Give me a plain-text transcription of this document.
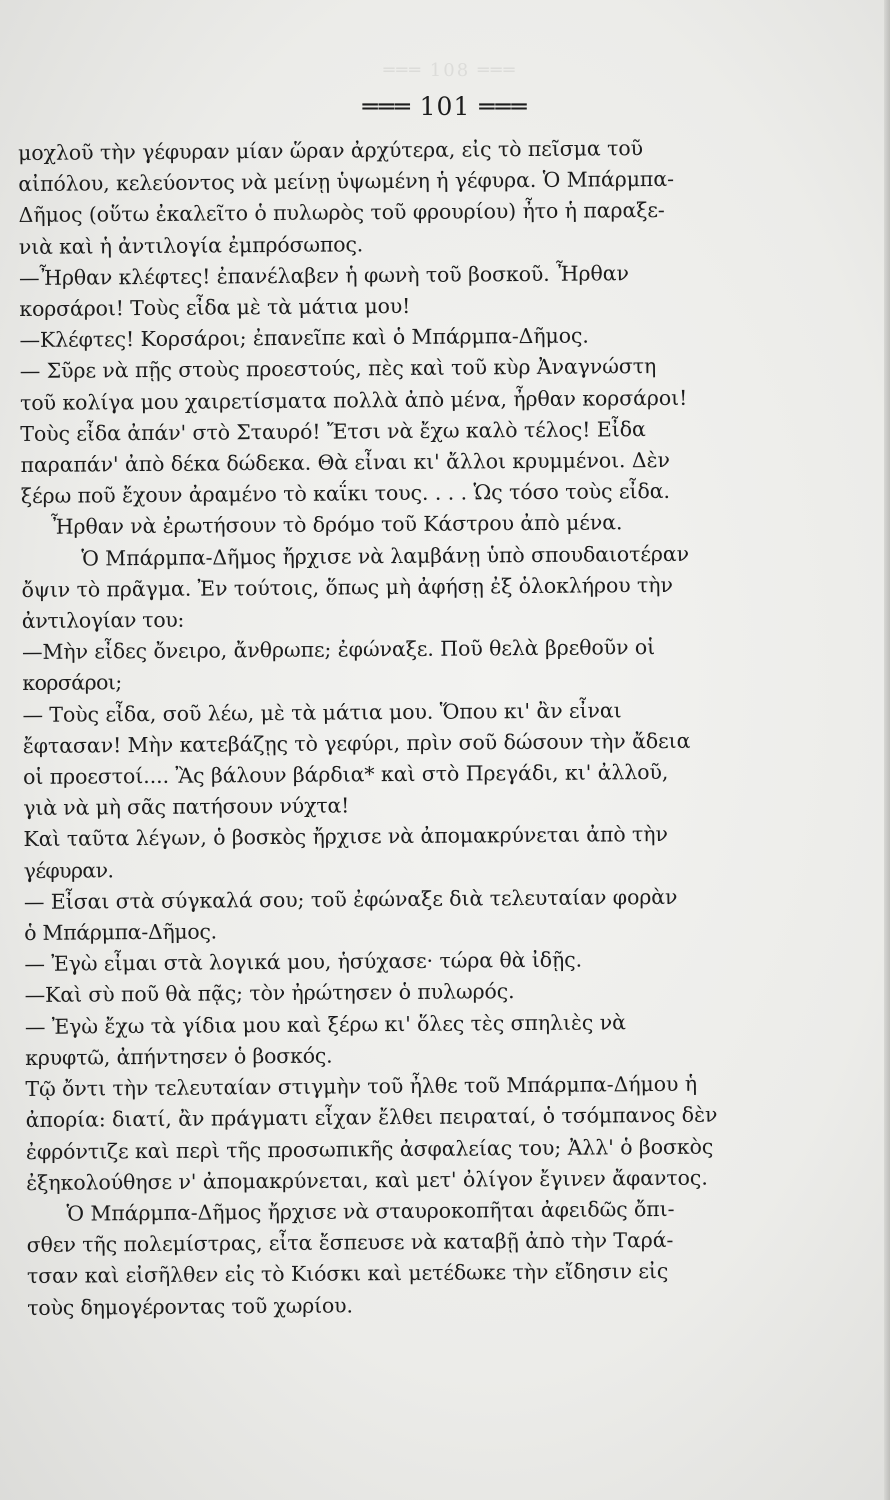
═══ 108 ═══
═══ 101 ═══
μοχλοῦ τὴν γέφυραν μίαν ὥραν ἀρχύτερα, εἰς τὸ πεῖσμα τοῦ
αἰπόλου, κελεύοντος νὰ μείνῃ ὑψωμένη ἡ γέφυρα. Ὁ Μπάρμπα-
Δῆμος (οὕτω ἐκαλεῖτο ὁ πυλωρὸς τοῦ φρουρίου) ἦτο ἡ παραξε-
νιὰ καὶ ἡ ἀντιλογία ἐμπρόσωπος.
—Ἦρθαν κλέφτες! ἐπανέλαβεν ἡ φωνὴ τοῦ βοσκοῦ. Ἦρθαν
κορσάροι! Τοὺς εἶδα μὲ τὰ μάτια μου!
—Κλέφτες! Κορσάροι; ἐπανεῖπε καὶ ὁ Μπάρμπα-Δῆμος.
— Σῦρε νὰ πῇς στοὺς προεστούς, πὲς καὶ τοῦ κὺρ Ἀναγνώστη
τοῦ κολίγα μου χαιρετίσματα πολλὰ ἀπὸ μένα, ἦρθαν κορσάροι!
Τοὺς εἶδα ἀπάν' στὸ Σταυρό! Ἔτσι νὰ ἔχω καλὸ τέλος! Εἶδα
παραπάν' ἀπὸ δέκα δώδεκα. Θὰ εἶναι κι' ἄλλοι κρυμμένοι. Δὲν
ξέρω ποῦ ἔχουν ἀραμένο τὸ καΐκι τους. . . . Ὡς τόσο τοὺς εἶδα.
Ἦρθαν νὰ ἐρωτήσουν τὸ δρόμο τοῦ Κάστρου ἀπὸ μένα.
Ὁ Μπάρμπα-Δῆμος ἤρχισε νὰ λαμβάνῃ ὑπὸ σπουδαιοτέραν
ὄψιν τὸ πρᾶγμα. Ἐν τούτοις, ὅπως μὴ ἀφήσῃ ἐξ ὁλοκλήρου τὴν
ἀντιλογίαν του:
—Μὴν εἶδες ὄνειρο, ἄνθρωπε; ἐφώναξε. Ποῦ θελὰ βρεθοῦν οἱ
κορσάροι;
— Τοὺς εἶδα, σοῦ λέω, μὲ τὰ μάτια μου. Ὅπου κι' ἂν εἶναι
ἔφτασαν! Μὴν κατεβάζῃς τὸ γεφύρι, πρὶν σοῦ δώσουν τὴν ἄδεια
οἱ προεστοί.... Ἂς βάλουν βάρδια* καὶ στὸ Πρεγάδι, κι' ἀλλοῦ,
γιὰ νὰ μὴ σᾶς πατήσουν νύχτα!
Καὶ ταῦτα λέγων, ὁ βοσκὸς ἤρχισε νὰ ἀπομακρύνεται ἀπὸ τὴν
γέφυραν.
— Εἶσαι στὰ σύγκαλά σου; τοῦ ἐφώναξε διὰ τελευταίαν φορὰν
ὁ Μπάρμπα-Δῆμος.
— Ἐγὼ εἶμαι στὰ λογικά μου, ἡσύχασε· τώρα θὰ ἰδῇς.
—Καὶ σὺ ποῦ θὰ πᾷς; τὸν ἠρώτησεν ὁ πυλωρός.
— Ἐγὼ ἔχω τὰ γίδια μου καὶ ξέρω κι' ὅλες τὲς σπηλιὲς νὰ
κρυφτῶ, ἀπήντησεν ὁ βοσκός.
Τῷ ὄντι τὴν τελευταίαν στιγμὴν τοῦ ἦλθε τοῦ Μπάρμπα-Δήμου ἡ
ἀπορία: διατί, ἂν πράγματι εἶχαν ἔλθει πειραταί, ὁ τσόμπανος δὲν
ἐφρόντιζε καὶ περὶ τῆς προσωπικῆς ἀσφαλείας του; Ἀλλ' ὁ βοσκὸς
ἐξηκολούθησε ν' ἀπομακρύνεται, καὶ μετ' ὀλίγον ἔγινεν ἄφαντος.
Ὁ Μπάρμπα-Δῆμος ἤρχισε νὰ σταυροκοπῆται ἀφειδῶς ὄπι-
σθεν τῆς πολεμίστρας, εἶτα ἔσπευσε νὰ καταβῇ ἀπὸ τὴν Ταρά-
τσαν καὶ εἰσῆλθεν εἰς τὸ Κιόσκι καὶ μετέδωκε τὴν εἴδησιν εἰς
τοὺς δημογέροντας τοῦ χωρίου.
